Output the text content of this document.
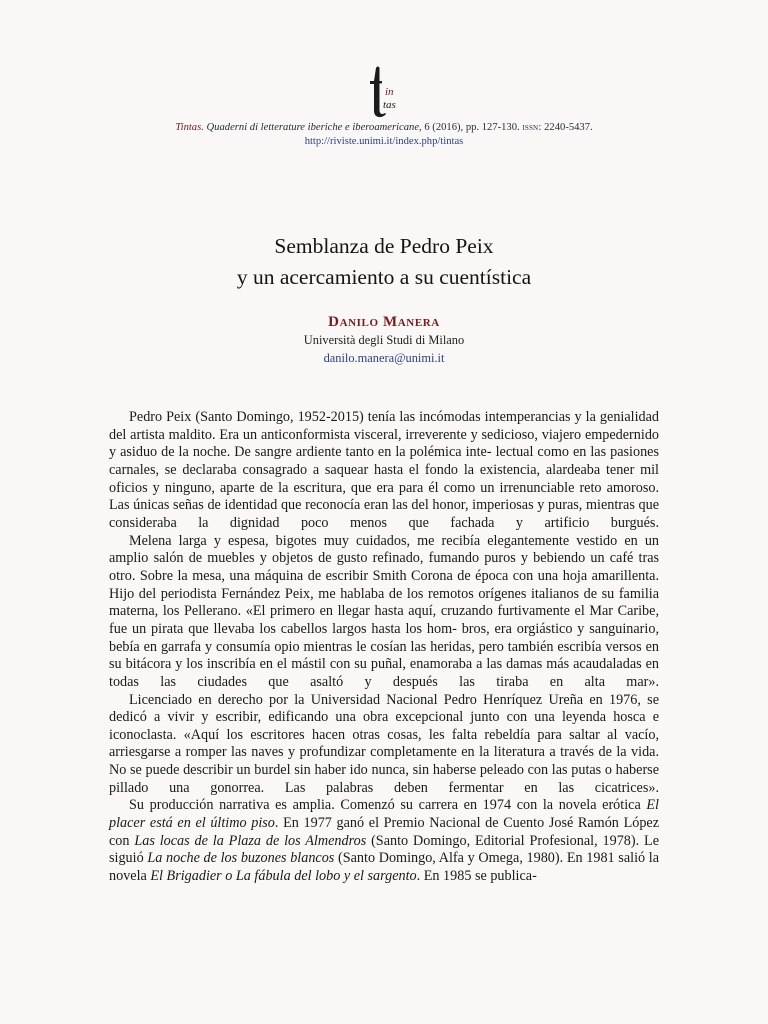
in
tas
Tintas. Quaderni di letterature iberiche e iberoamericane, 6 (2016), pp. 127-130. issn: 2240-5437.
http://riviste.unimi.it/index.php/tintas
Semblanza de Pedro Peix
y un acercamiento a su cuentística
Danilo Manera
Università degli Studi di Milano
danilo.manera@unimi.it

Pedro Peix (Santo Domingo, 1952-2015) tenía las incómodas intemperancias y la genialidad del artista maldito. Era un anticonformista visceral, irreverente y sedicioso, viajero empedernido y asiduo de la noche. De sangre ardiente tanto en la polémica inte- lectual como en las pasiones carnales, se declaraba consagrado a saquear hasta el fondo la existencia, alardeaba tener mil oficios y ninguno, aparte de la escritura, que era para él como un irrenunciable reto amoroso. Las únicas señas de identidad que reconocía eran las del honor, imperiosas y puras, mientras que consideraba la dignidad poco menos que fachada y artificio burgués.

Melena larga y espesa, bigotes muy cuidados, me recibía elegantemente vestido en un amplio salón de muebles y objetos de gusto refinado, fumando puros y bebiendo un café tras otro. Sobre la mesa, una máquina de escribir Smith Corona de época con una hoja amarillenta. Hijo del periodista Fernández Peix, me hablaba de los remotos orígenes italianos de su familia materna, los Pellerano. «El primero en llegar hasta aquí, cruzando furtivamente el Mar Caribe, fue un pirata que llevaba los cabellos largos hasta los hom- bros, era orgiástico y sanguinario, bebía en garrafa y consumía opio mientras le cosían las heridas, pero también escribía versos en su bitácora y los inscribía en el mástil con su puñal, enamoraba a las damas más acaudaladas en todas las ciudades que asaltó y después las tiraba en alta mar».

Licenciado en derecho por la Universidad Nacional Pedro Henríquez Ureña en 1976, se dedicó a vivir y escribir, edificando una obra excepcional junto con una leyenda hosca e iconoclasta. «Aquí los escritores hacen otras cosas, les falta rebeldía para saltar al vacío, arriesgarse a romper las naves y profundizar completamente en la literatura a través de la vida. No se puede describir un burdel sin haber ido nunca, sin haberse peleado con las putas o haberse pillado una gonorrea. Las palabras deben fermentar en las cicatrices».

Su producción narrativa es amplia. Comenzó su carrera en 1974 con la novela erótica El placer está en el último piso. En 1977 ganó el Premio Nacional de Cuento José Ramón López con Las locas de la Plaza de los Almendros (Santo Domingo, Editorial Profesional, 1978). Le siguió La noche de los buzones blancos (Santo Domingo, Alfa y Omega, 1980). En 1981 salió la novela El Brigadier o La fábula del lobo y el sargento. En 1985 se publica-
